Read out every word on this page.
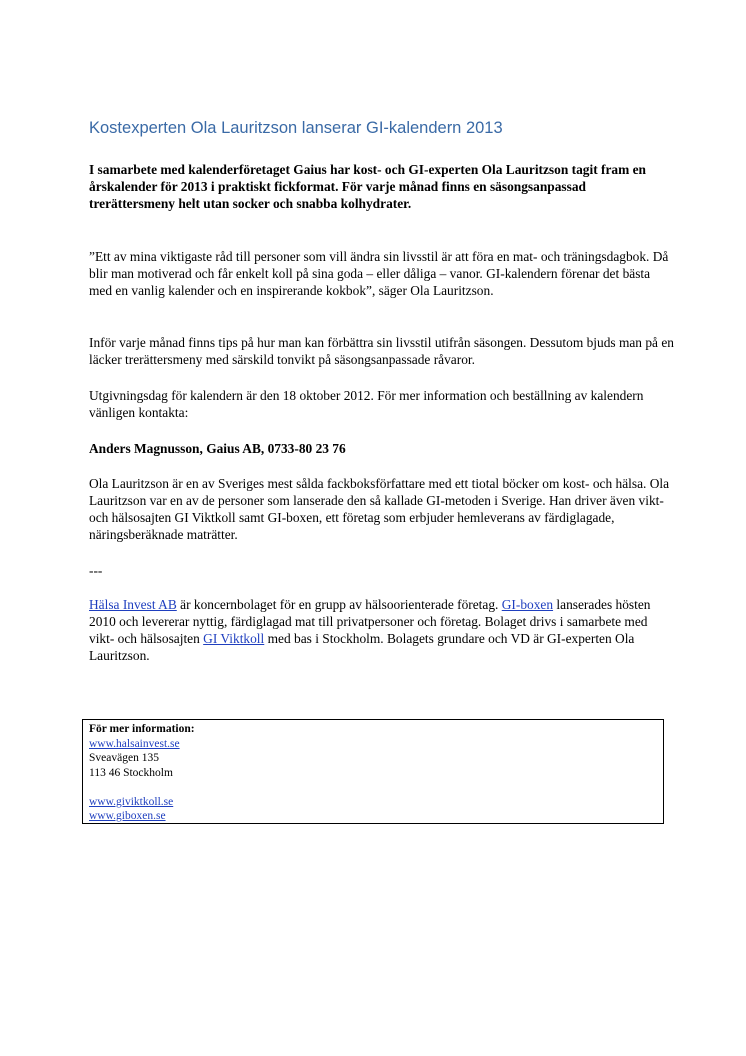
Kostexperten Ola Lauritzson lanserar GI-kalendern 2013
I samarbete med kalenderföretaget Gaius har kost- och GI-experten Ola Lauritzson tagit fram en årskalender för 2013 i praktiskt fickformat. För varje månad finns en säsongsanpassad trerättersmeny helt utan socker och snabba kolhydrater.

”Ett av mina viktigaste råd till personer som vill ändra sin livsstil är att föra en mat- och träningsdagbok. Då blir man motiverad och får enkelt koll på sina goda – eller dåliga – vanor. GI-kalendern förenar det bästa med en vanlig kalender och en inspirerande kokbok”, säger Ola Lauritzson.

Inför varje månad finns tips på hur man kan förbättra sin livsstil utifrån säsongen. Dessutom bjuds man på en läcker trerättersmeny med särskild tonvikt på säsongsanpassade råvaror.

Utgivningsdag för kalendern är den 18 oktober 2012. För mer information och beställning av kalendern vänligen kontakta:

Anders Magnusson, Gaius AB, 0733-80 23 76

Ola Lauritzson är en av Sveriges mest sålda fackboksförfattare med ett tiotal böcker om kost- och hälsa. Ola Lauritzson var en av de personer som lanserade den så kallade GI-metoden i Sverige. Han driver även vikt- och hälsosajten GI Viktkoll samt GI-boxen, ett företag som erbjuder hemleverans av färdiglagade, näringsberäknade maträtter.

---

Hälsa Invest AB är koncernbolaget för en grupp av hälsoorienterade företag. GI-boxen lanserades hösten 2010 och levererar nyttig, färdiglagad mat till privatpersoner och företag. Bolaget drivs i samarbete med vikt- och hälsosajten GI Viktkoll med bas i Stockholm. Bolagets grundare och VD är GI-experten Ola Lauritzson.

För mer information:
www.halsainvest.se
Sveavägen 135
113 46 Stockholm
www.giviktkoll.se
www.giboxen.se
